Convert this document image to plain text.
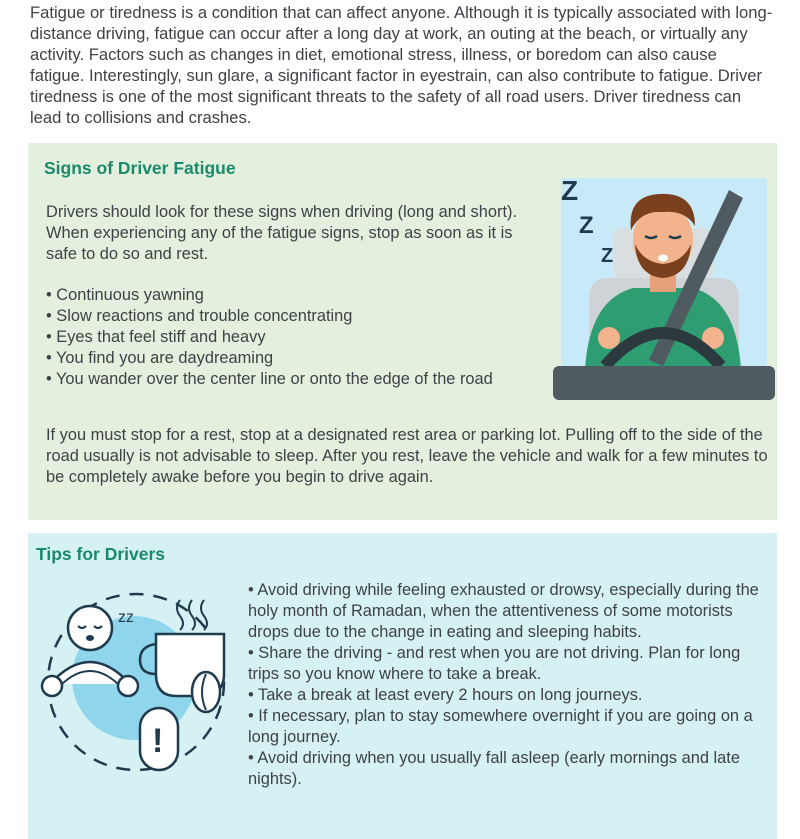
Fatigue or tiredness is a condition that can affect anyone. Although it is typically associated with long-distance driving, fatigue can occur after a long day at work, an outing at the beach, or virtually any activity. Factors such as changes in diet, emotional stress, illness, or boredom can also cause fatigue. Interestingly, sun glare, a significant factor in eyestrain, can also contribute to fatigue. Driver tiredness is one of the most significant threats to the safety of all road users. Driver tiredness can lead to collisions and crashes.

Signs of Driver Fatigue

Drivers should look for these signs when driving (long and short). When experiencing any of the fatigue signs, stop as soon as it is safe to do so and rest.

• Continuous yawning
• Slow reactions and trouble concentrating
• Eyes that feel stiff and heavy
• You find you are daydreaming
• You wander over the center line or onto the edge of the road

If you must stop for a rest, stop at a designated rest area or parking lot. Pulling off to the side of the road usually is not advisable to sleep. After you rest, leave the vehicle and walk for a few minutes to be completely awake before you begin to drive again.

Z
Z
Z
Tips for Drivers
• Avoid driving while feeling exhausted or drowsy, especially during the holy month of Ramadan, when the attentiveness of some motorists drops due to the change in eating and sleeping habits.
• Share the driving - and rest when you are not driving. Plan for long trips so you know where to take a break.
• Take a break at least every 2 hours on long journeys.
• If necessary, plan to stay somewhere overnight if you are going on a long journey.
• Avoid driving when you usually fall asleep (early mornings and late nights).
zz
!
